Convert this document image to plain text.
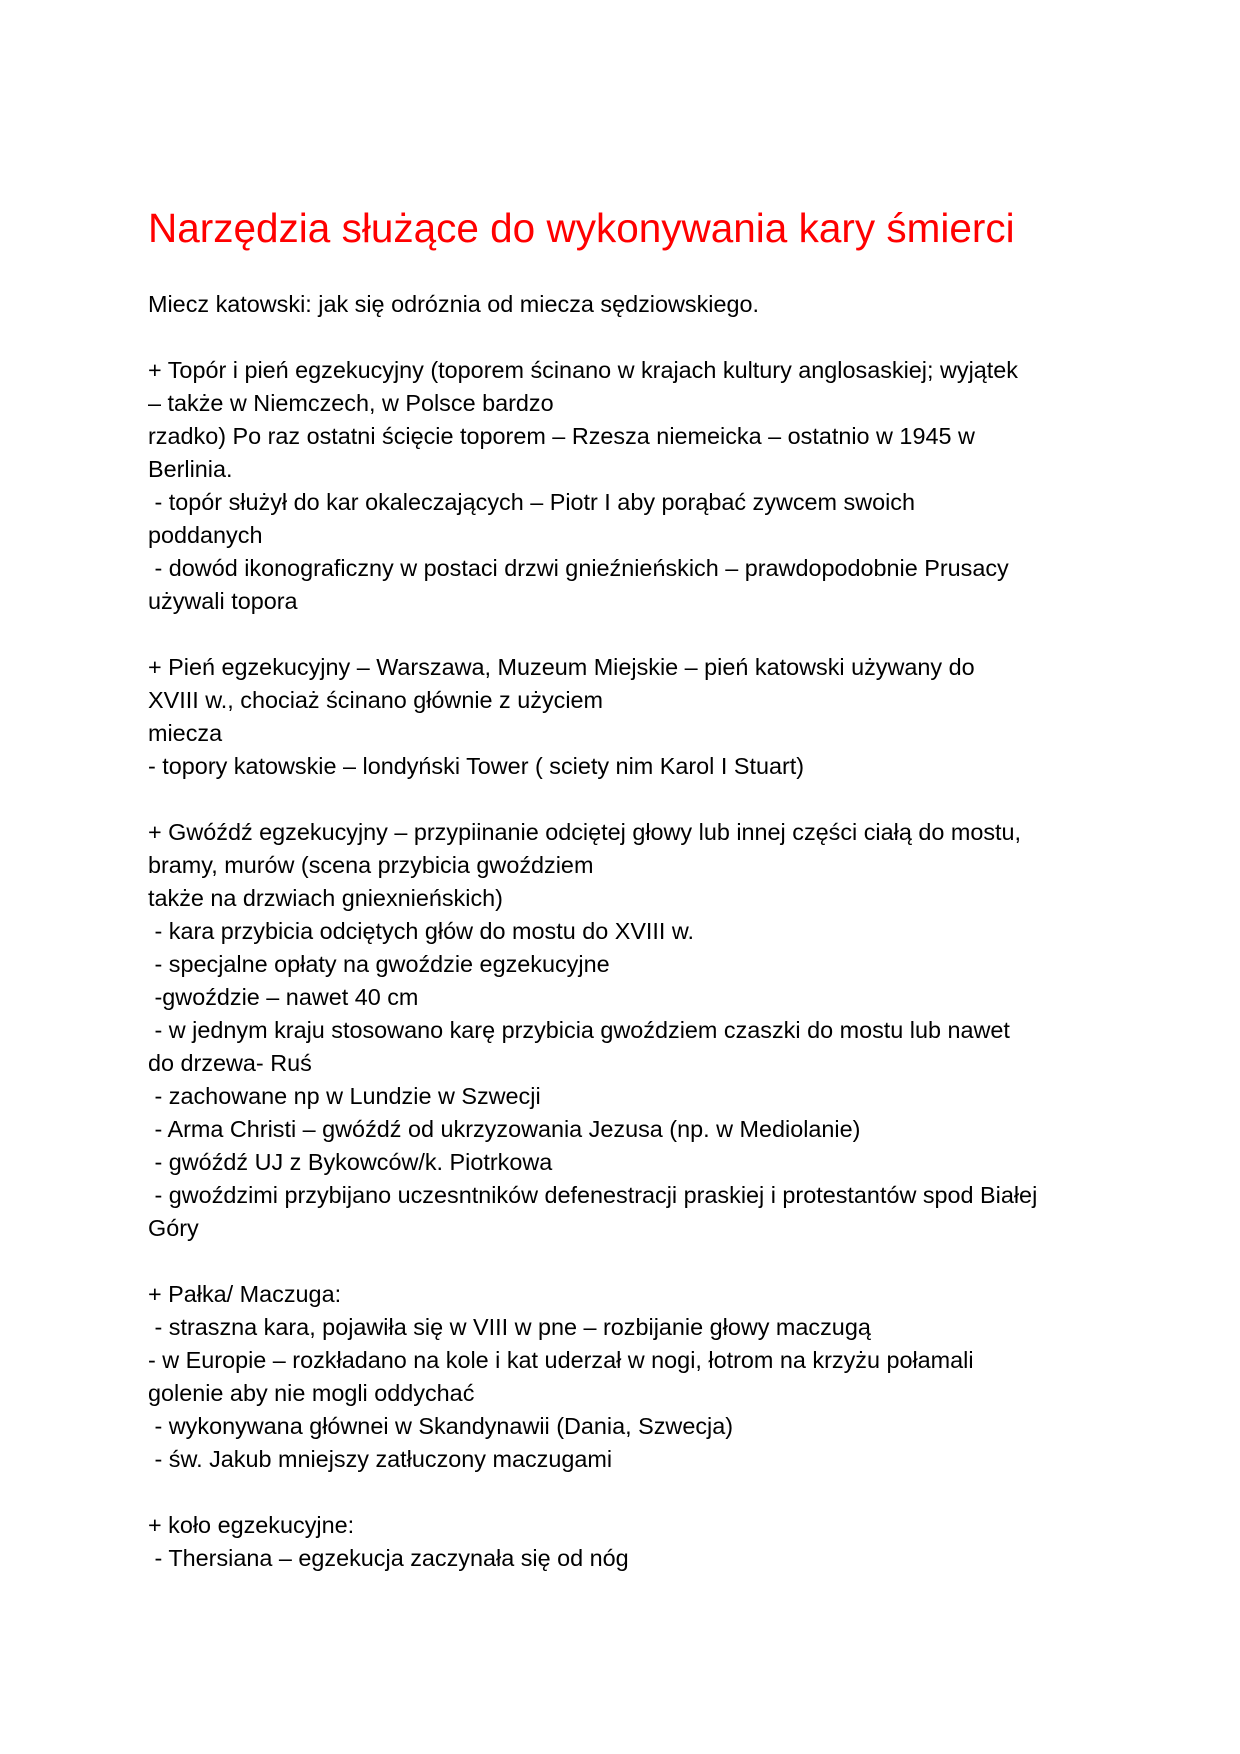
Narzędzia służące do wykonywania kary śmierci
Miecz katowski: jak się odróznia od miecza sędziowskiego.
+ Topór i pień egzekucyjny (toporem ścinano w krajach kultury anglosaskiej; wyjątek
– także w Niemczech, w Polsce bardzo
rzadko) Po raz ostatni ścięcie toporem – Rzesza niemeicka – ostatnio w 1945 w
Berlinia.
- topór służył do kar okaleczających – Piotr I aby porąbać zywcem swoich
poddanych
- dowód ikonograficzny w postaci drzwi gnieźnieńskich – prawdopodobnie Prusacy
używali topora
+ Pień egzekucyjny – Warszawa, Muzeum Miejskie – pień katowski używany do
XVIII w., chociaż ścinano głównie z użyciem
miecza
- topory katowskie – londyński Tower ( sciety nim Karol I Stuart)
+ Gwóźdź egzekucyjny – przypiinanie odciętej głowy lub innej części ciałą do mostu,
bramy, murów (scena przybicia gwoździem
także na drzwiach gniexnieńskich)
- kara przybicia odciętych głów do mostu do XVIII w.
- specjalne opłaty na gwoździe egzekucyjne
-gwoździe – nawet 40 cm
- w jednym kraju stosowano karę przybicia gwoździem czaszki do mostu lub nawet
do drzewa- Ruś
- zachowane np w Lundzie w Szwecji
- Arma Christi – gwóźdź od ukrzyzowania Jezusa (np. w Mediolanie)
- gwóźdź UJ z Bykowców/k. Piotrkowa
- gwoździmi przybijano uczesntników defenestracji praskiej i protestantów spod Białej
Góry
+ Pałka/ Maczuga:
- straszna kara, pojawiła się w VIII w pne – rozbijanie głowy maczugą
- w Europie – rozkładano na kole i kat uderzał w nogi, łotrom na krzyżu połamali
golenie aby nie mogli oddychać
- wykonywana głównei w Skandynawii (Dania, Szwecja)
- św. Jakub mniejszy zatłuczony maczugami
+ koło egzekucyjne:
- Thersiana – egzekucja zaczynała się od nóg
